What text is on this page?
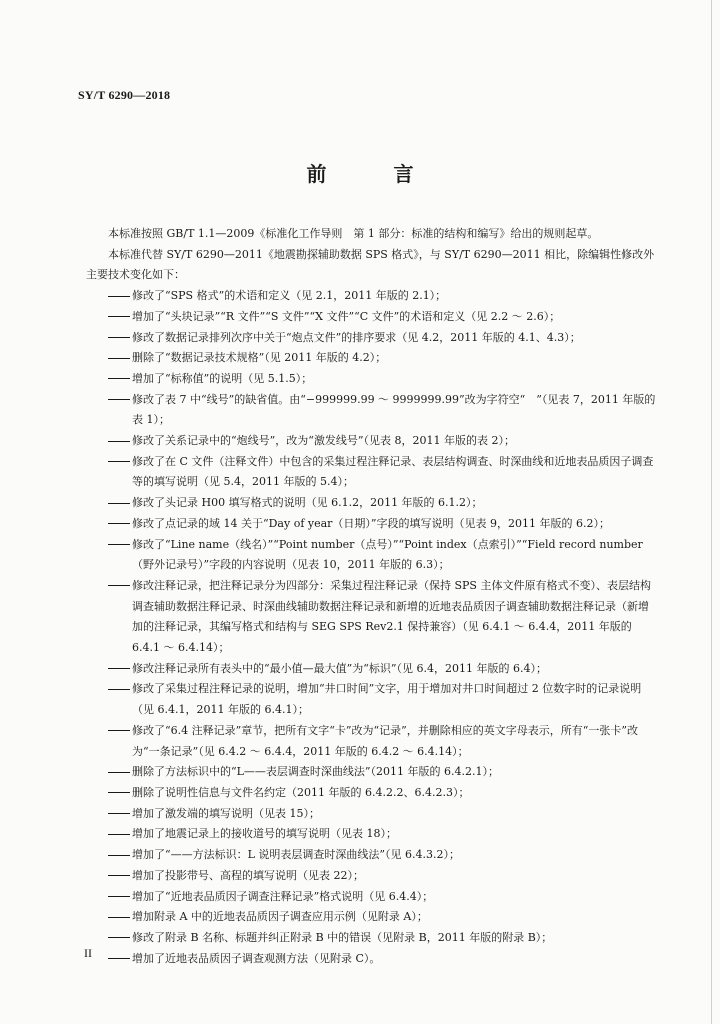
SY/T 6290—2018
前 言
本标准按照 GB/T 1.1—2009《标准化工作导则　第 1 部分：标准的结构和编写》给出的规则起草。
本标准代替 SY/T 6290—2011《地震勘探辅助数据 SPS 格式》，与 SY/T 6290—2011 相比，除编辑性修改外主要技术变化如下：
修改了“SPS 格式”的术语和定义（见 2.1，2011 年版的 2.1）；
增加了“头块记录”“R 文件”“S 文件”“X 文件”“C 文件”的术语和定义（见 2.2 ～ 2.6）；
修改了数据记录排列次序中关于“炮点文件”的排序要求（见 4.2，2011 年版的 4.1、4.3）；
删除了“数据记录技术规格”（见 2011 年版的 4.2）；
增加了“标称值”的说明（见 5.1.5）；
修改了表 7 中“线号”的缺省值。由“−999999.99 ～ 9999999.99”改为字符空“　”（见表 7，2011 年版的表 1）；
修改了关系记录中的“炮线号”，改为“激发线号”（见表 8，2011 年版的表 2）；
修改了在 C 文件（注释文件）中包含的采集过程注释记录、表层结构调查、时深曲线和近地表品质因子调查等的填写说明（见 5.4，2011 年版的 5.4）；
修改了头记录 H00 填写格式的说明（见 6.1.2，2011 年版的 6.1.2）；
修改了点记录的域 14 关于“Day of year（日期）”字段的填写说明（见表 9，2011 年版的 6.2）；
修改了“Line name（线名）”“Point number（点号）”“Point index（点索引）”“Field record number（野外记录号）”字段的内容说明（见表 10，2011 年版的 6.3）；
修改注释记录，把注释记录分为四部分：采集过程注释记录（保持 SPS 主体文件原有格式不变）、表层结构调查辅助数据注释记录、时深曲线辅助数据注释记录和新增的近地表品质因子调查辅助数据注释记录（新增加的注释记录，其编写格式和结构与 SEG SPS Rev2.1 保持兼容）（见 6.4.1 ～ 6.4.4，2011 年版的 6.4.1 ～ 6.4.14）；
修改注释记录所有表头中的“最小值—最大值”为“标识”（见 6.4，2011 年版的 6.4）；
修改了采集过程注释记录的说明，增加“井口时间”文字，用于增加对井口时间超过 2 位数字时的记录说明（见 6.4.1，2011 年版的 6.4.1）；
修改了“6.4 注释记录”章节，把所有文字“卡”改为“记录”，并删除相应的英文字母表示，所有“一张卡”改为“一条记录”（见 6.4.2 ～ 6.4.4，2011 年版的 6.4.2 ～ 6.4.14）；
删除了方法标识中的“L——表层调查时深曲线法”（2011 年版的 6.4.2.1）；
删除了说明性信息与文件名约定（2011 年版的 6.4.2.2、6.4.2.3）；
增加了激发端的填写说明（见表 15）；
增加了地震记录上的接收道号的填写说明（见表 18）；
增加了“——方法标识：L 说明表层调查时深曲线法”（见 6.4.3.2）；
增加了投影带号、高程的填写说明（见表 22）；
增加了“近地表品质因子调查注释记录”格式说明（见 6.4.4）；
增加附录 A 中的近地表品质因子调查应用示例（见附录 A）；
修改了附录 B 名称、标题并纠正附录 B 中的错误（见附录 B，2011 年版的附录 B）；
增加了近地表品质因子调查观测方法（见附录 C）。
II
